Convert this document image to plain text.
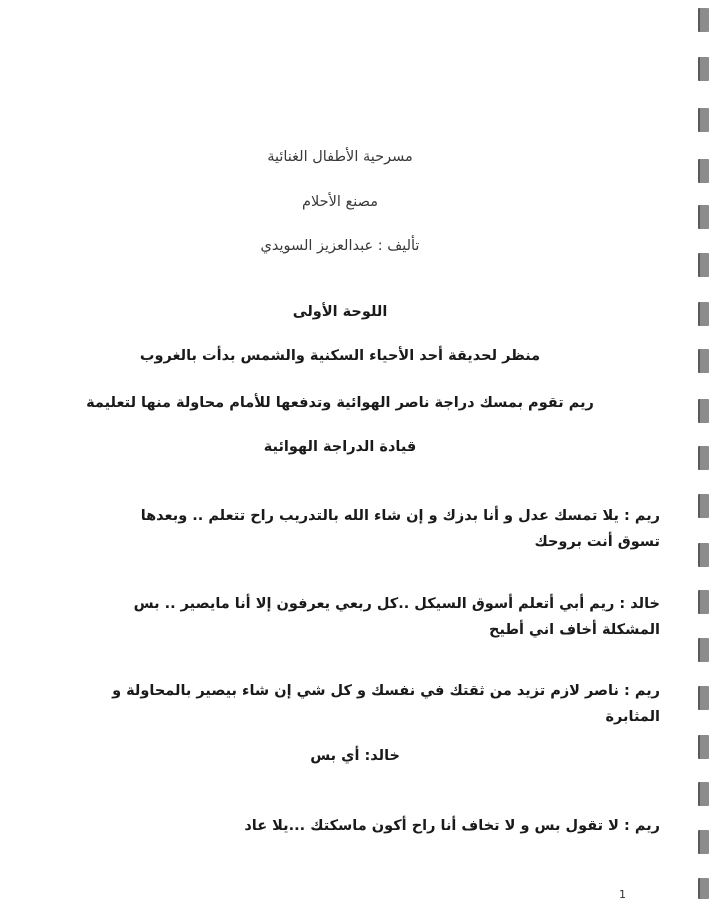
مسرحية الأطفال الغنائية
مصنع الأحلام
تأليف : عبدالعزيز السويدي
اللوحة الأولى
منظر لحديقة أحد الأحياء السكنية والشمس بدأت بالغروب
ريم تقوم بمسك دراجة ناصر الهوائية وتدفعها للأمام محاولة منها لتعليمة
قيادة الدراجة الهوائية
ريم : يلا تمسك عدل و أنا بدزك و إن شاء الله بالتدريب راح تتعلم .. وبعدها تسوق أنت بروحك
خالد : ريم أبي أتعلم أسوق السيكل ..كل ربعي يعرفون إلا أنا مايصير .. بس المشكلة أخاف اني أطيح
ريم : ناصر لازم تزيد من ثقتك في نفسك و كل شي إن شاء بيصير بالمحاولة و المثابرة
خالد: أي بس
ريم : لا تقول بس و لا تخاف أنا راح أكون ماسكتك ...يلا عاد
1
